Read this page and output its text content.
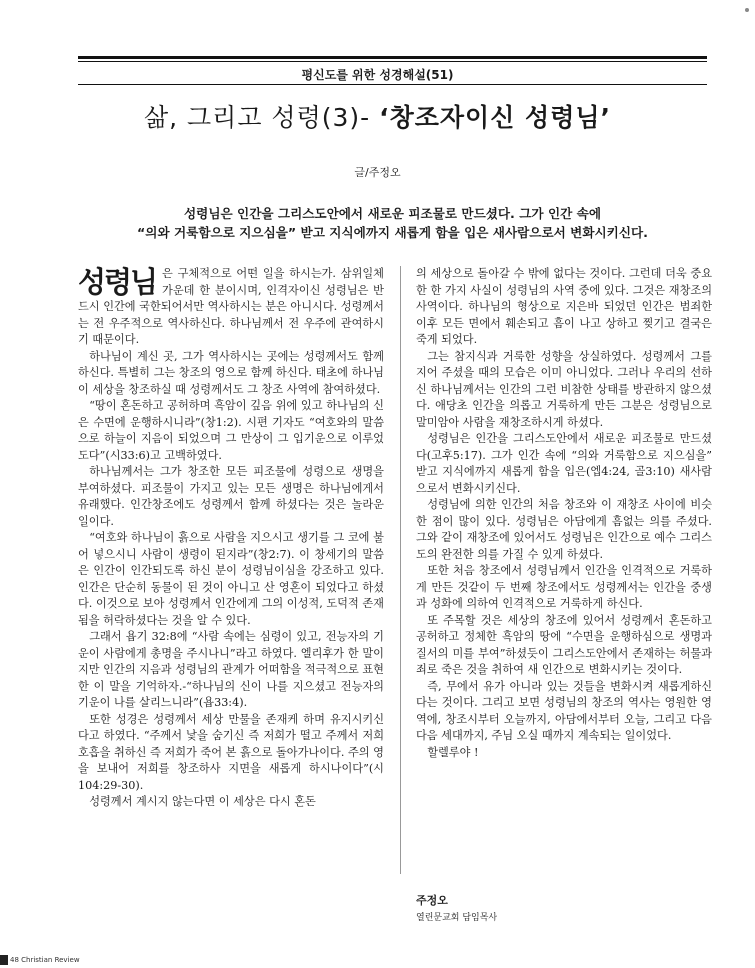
평신도를 위한 성경해설(51)
삶, 그리고 성령(3)- ‘창조자이신 성령님’
글/주정오
성령님은 인간을 그리스도안에서 새로운 피조물로 만드셨다. 그가 인간 속에
“의와 거룩함으로 지으심을” 받고 지식에까지 새롭게 함을 입은 새사람으로서 변화시키신다.

성령님 은 구체적으로 어떤 일을 하시는가. 삼위일체 가운데 한 분이시며, 인격자이신 성령님은 반드시 인간에 국한되어서만 역사하시는 분은 아니시다. 성령께서는 전 우주적으로 역사하신다. 하나님께서 전 우주에 관여하시기 때문이다.

하나님이 계신 곳, 그가 역사하시는 곳에는 성령께서도 함께 하신다. 특별히 그는 창조의 영으로 함께 하신다. 태초에 하나님이 세상을 창조하실 때 성령께서도 그 창조 사역에 참여하셨다.

“땅이 혼돈하고 공허하며 흑암이 깊음 위에 있고 하나님의 신은 수면에 운행하시니라”(창1:2). 시편 기자도 “여호와의 말씀으로 하늘이 지음이 되었으며 그 만상이 그 입기운으로 이루었도다”(시33:6)고 고백하였다.

하나님께서는 그가 창조한 모든 피조물에 성령으로 생명을 부여하셨다. 피조물이 가지고 있는 모든 생명은 하나님에게서 유래했다. 인간창조에도 성령께서 함께 하셨다는 것은 놀라운 일이다.

“여호와 하나님이 흙으로 사람을 지으시고 생기를 그 코에 불어 넣으시니 사람이 생령이 된지라”(창2:7). 이 창세기의 말씀은 인간이 인간되도록 하신 분이 성령님이심을 강조하고 있다. 인간은 단순히 동물이 된 것이 아니고 산 영혼이 되었다고 하셨다. 이것으로 보아 성령께서 인간에게 그의 이성적, 도덕적 존재됨을 허락하셨다는 것을 알 수 있다.

그래서 욥기 32:8에 “사람 속에는 심령이 있고, 전능자의 기운이 사람에게 총명을 주시나니”라고 하였다. 엘리후가 한 말이지만 인간의 지음과 성령님의 관계가 어떠함을 적극적으로 표현한 이 말을 기억하자.-“하나님의 신이 나를 지으셨고 전능자의 기운이 나를 살리느니라”(욥33:4).

또한 성경은 성령께서 세상 만물을 존재케 하며 유지시키신다고 하였다. “주께서 낯을 숨기신 즉 저희가 떨고 주께서 저희 호흡을 취하신 즉 저희가 죽어 본 흙으로 돌아가나이다. 주의 영을 보내어 저희를 창조하사 지면을 새롭게 하시나이다”(시104:29-30).

성령께서 계시지 않는다면 이 세상은 다시 혼돈

의 세상으로 돌아갈 수 밖에 없다는 것이다. 그런데 더욱 중요한 한 가지 사실이 성령님의 사역 중에 있다. 그것은 재창조의 사역이다. 하나님의 형상으로 지은바 되었던 인간은 범죄한 이후 모든 면에서 훼손되고 흠이 나고 상하고 찢기고 결국은 죽게 되었다.

그는 참지식과 거룩한 성향을 상실하였다. 성령께서 그를 지어 주셨을 때의 모습은 이미 아니었다. 그러나 우리의 선하신 하나님께서는 인간의 그런 비참한 상태를 방관하지 않으셨다. 애당초 인간을 의롭고 거룩하게 만든 그분은 성령님으로 말미암아 사람을 재창조하시게 하셨다.

성령님은 인간을 그리스도안에서 새로운 피조물로 만드셨다(고후5:17). 그가 인간 속에 “의와 거룩함으로 지으심을” 받고 지식에까지 새롭게 함을 입은(엡4:24, 골3:10) 새사람으로서 변화시키신다.

성령님에 의한 인간의 처음 창조와 이 재창조 사이에 비슷한 점이 많이 있다. 성령님은 아담에게 흠없는 의를 주셨다. 그와 같이 재창조에 있어서도 성령님은 인간으로 예수 그리스도의 완전한 의를 가질 수 있게 하셨다.

또한 처음 창조에서 성령님께서 인간을 인격적으로 거룩하게 만든 것같이 두 번째 창조에서도 성령께서는 인간을 중생과 성화에 의하여 인격적으로 거룩하게 하신다.

또 주목할 것은 세상의 창조에 있어서 성령께서 혼돈하고 공허하고 정체한 흑암의 땅에 “수면을 운행하심으로 생명과 질서의 미를 부여”하셨듯이 그리스도안에서 존재하는 허물과 죄로 죽은 것을 취하여 새 인간으로 변화시키는 것이다.

즉, 무에서 유가 아니라 있는 것들을 변화시켜 새롭게하신다는 것이다. 그리고 보면 성령님의 창조의 역사는 영원한 영역에, 창조시부터 오늘까지, 아담에서부터 오늘, 그리고 다음 다음 세대까지, 주님 오실 때까지 계속되는 일이었다.

할렐루야 !

주정오
열린문교회 담임목사
48 Christian Review
